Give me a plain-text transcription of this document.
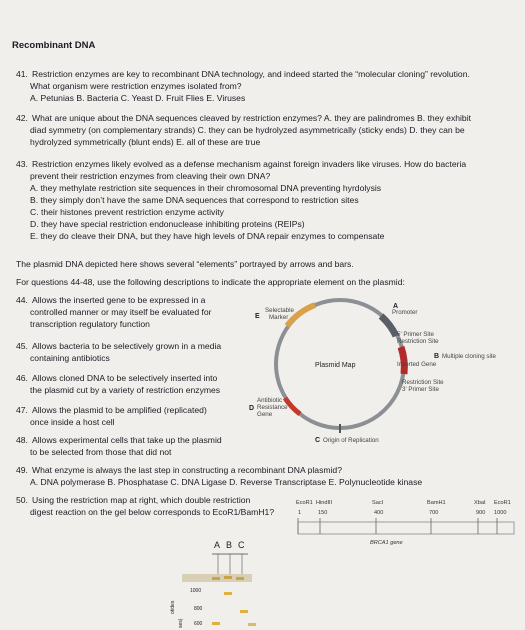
Recombinant DNA
41. Restriction enzymes are key to recombinant DNA technology, and indeed started the “molecular cloning” revolution.
What organism were restriction enzymes isolated from?
A. Petunias B. Bacteria C. Yeast D. Fruit Flies E. Viruses
42. What are unique about the DNA sequences cleaved by restriction enzymes? A. they are palindromes B. they exhibit
diad symmetry (on complementary strands) C. they can be hydrolyzed asymmetrically (sticky ends) D. they can be
hydrolyzed symmetrically (blunt ends) E. all of these are true
43. Restriction enzymes likely evolved as a defense mechanism against foreign invaders like viruses. How do bacteria
prevent their restriction enzymes from cleaving their own DNA?
A. they methylate restriction site sequences in their chromosomal DNA preventing hyrdolysis
B. they simply don’t have the same DNA sequences that correspond to restriction sites
C. their histones prevent restriction enzyme activity
D. they have special restriction endonuclease inhibiting proteins (REIPs)
E. they do cleave their DNA, but they have high levels of DNA repair enzymes to compensate
The plasmid DNA depicted here shows several “elements” portrayed by arrows and bars.
For questions 44-48, use the following descriptions to indicate the appropriate element on the plasmid:
44. Allows the inserted gene to be expressed in a
controlled manner or may itself be evaluated for
transcription regulatory function
45. Allows bacteria to be selectively grown in a media
containing antibiotics
46. Allows cloned DNA to be selectively inserted into
the plasmid cut by a variety of restriction enzymes
47. Allows the plasmid to be amplified (replicated)
once inside a host cell
48. Allows experimental cells that take up the plasmid
to be selected from those that did not
49. What enzyme is always the last step in constructing a recombinant DNA plasmid?
A. DNA polymerase B. Phosphatase C. DNA Ligase D. Reverse Transcriptase E. Polynucleotide kinase
50. Using the restriction map at right, which double restriction
digest reaction on the gel below corresponds to EcoR1/BamH1?
Plasmid Map
A
Promoter
5' Primer Site
Restriction Site
B Multiple cloning site
Inserted Gene
Restriction Site
3' Primer Site
C Origin of Replication
D
Antibiotic
Resistance
Gene
E
Selectable
Marker
EcoR1 HindIII	SacI	BamH1	XbaI EcoR1
1	150	400	700	900 1000
BRCA1 gene
A B C
1000
800
600
otides
ses)
